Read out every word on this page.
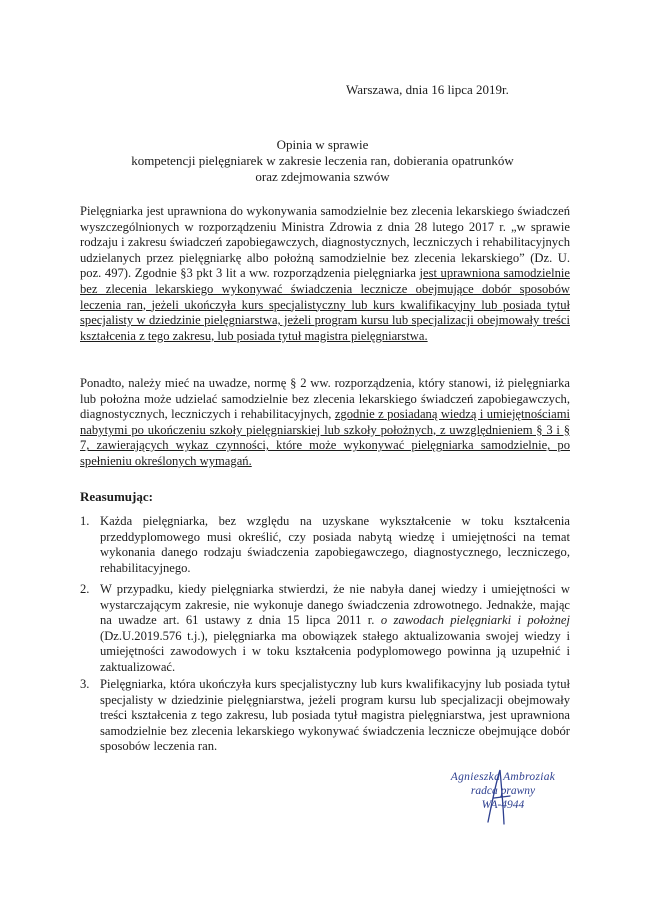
Warszawa, dnia 16 lipca 2019r.
Opinia w sprawie
kompetencji pielęgniarek w zakresie leczenia ran, dobierania opatrunków
oraz zdejmowania szwów
Pielęgniarka jest uprawniona do wykonywania samodzielnie bez zlecenia lekarskiego świadczeń wyszczególnionych w rozporządzeniu Ministra Zdrowia z dnia 28 lutego 2017 r. „w sprawie rodzaju i zakresu świadczeń zapobiegawczych, diagnostycznych, leczniczych i rehabilitacyjnych udzielanych przez pielęgniarkę albo położną samodzielnie bez zlecenia lekarskiego” (Dz. U. poz. 497). Zgodnie §3 pkt 3 lit a ww. rozporządzenia pielęgniarka jest uprawniona samodzielnie bez zlecenia lekarskiego wykonywać świadczenia lecznicze obejmujące dobór sposobów leczenia ran, jeżeli ukończyła kurs specjalistyczny lub kurs kwalifikacyjny lub posiada tytuł specjalisty w dziedzinie pielęgniarstwa, jeżeli program kursu lub specjalizacji obejmowały treści kształcenia z tego zakresu, lub posiada tytuł magistra pielęgniarstwa.
Ponadto, należy mieć na uwadze, normę § 2 ww. rozporządzenia, który stanowi, iż pielęgniarka lub położna może udzielać samodzielnie bez zlecenia lekarskiego świadczeń zapobiegawczych, diagnostycznych, leczniczych i rehabilitacyjnych, zgodnie z posiadaną wiedzą i umiejętnościami nabytymi po ukończeniu szkoły pielęgniarskiej lub szkoły położnych, z uwzględnieniem § 3 i § 7, zawierających wykaz czynności, które może wykonywać pielęgniarka samodzielnie, po spełnieniu określonych wymagań.
Reasumując:
1. Każda pielęgniarka, bez względu na uzyskane wykształcenie w toku kształcenia przeddyplomowego musi określić, czy posiada nabytą wiedzę i umiejętności na temat wykonania danego rodzaju świadczenia zapobiegawczego, diagnostycznego, leczniczego, rehabilitacyjnego.
2. W przypadku, kiedy pielęgniarka stwierdzi, że nie nabyła danej wiedzy i umiejętności w wystarczającym zakresie, nie wykonuje danego świadczenia zdrowotnego. Jednakże, mając na uwadze art. 61 ustawy z dnia 15 lipca 2011 r. o zawodach pielęgniarki i położnej (Dz.U.2019.576 t.j.), pielęgniarka ma obowiązek stałego aktualizowania swojej wiedzy i umiejętności zawodowych i w toku kształcenia podyplomowego powinna ją uzupełnić i zaktualizować.
3. Pielęgniarka, która ukończyła kurs specjalistyczny lub kurs kwalifikacyjny lub posiada tytuł specjalisty w dziedzinie pielęgniarstwa, jeżeli program kursu lub specjalizacji obejmowały treści kształcenia z tego zakresu, lub posiada tytuł magistra pielęgniarstwa, jest uprawniona samodzielnie bez zlecenia lekarskiego wykonywać świadczenia lecznicze obejmujące dobór sposobów leczenia ran.
Agnieszka Ambroziak
radca prawny
WA-4944
